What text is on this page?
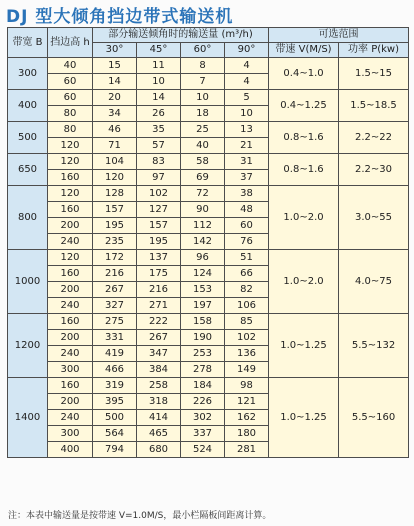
DJ 型大倾角挡边带式输送机
带宽 B	挡边高 h	部分输送倾角时的输送量 (m³/h)				可选范围	
		30°	45°	60°	90°	带速 V(M/S)	功率 P(kw)
300	40	15	11	8	4	0.4~1.0	1.5~15
	60	14	10	7	4		
400	60	20	14	10	5	0.4~1.25	1.5~18.5
	80	34	26	18	10		
500	80	46	35	25	13	0.8~1.6	2.2~22
	120	71	57	40	21		
650	120	104	83	58	31	0.8~1.6	2.2~30
	160	120	97	69	37		
800	120	128	102	72	38	1.0~2.0	3.0~55
	160	157	127	90	48		
	200	195	157	112	60		
	240	235	195	142	76		
1000	120	172	137	96	51	1.0~2.0	4.0~75
	160	216	175	124	66		
	200	267	216	153	82		
	240	327	271	197	106		
1200	160	275	222	158	85	1.0~1.25	5.5~132
	200	331	267	190	102		
	240	419	347	253	136		
	300	466	384	278	149		
1400	160	319	258	184	98	1.0~1.25	5.5~160
	200	395	318	226	121		
	240	500	414	302	162		
	300	564	465	337	180		
	400	794	680	524	281		
注：本表中输送量是按带速 V=1.0M/S，最小栏隔板间距离计算。
